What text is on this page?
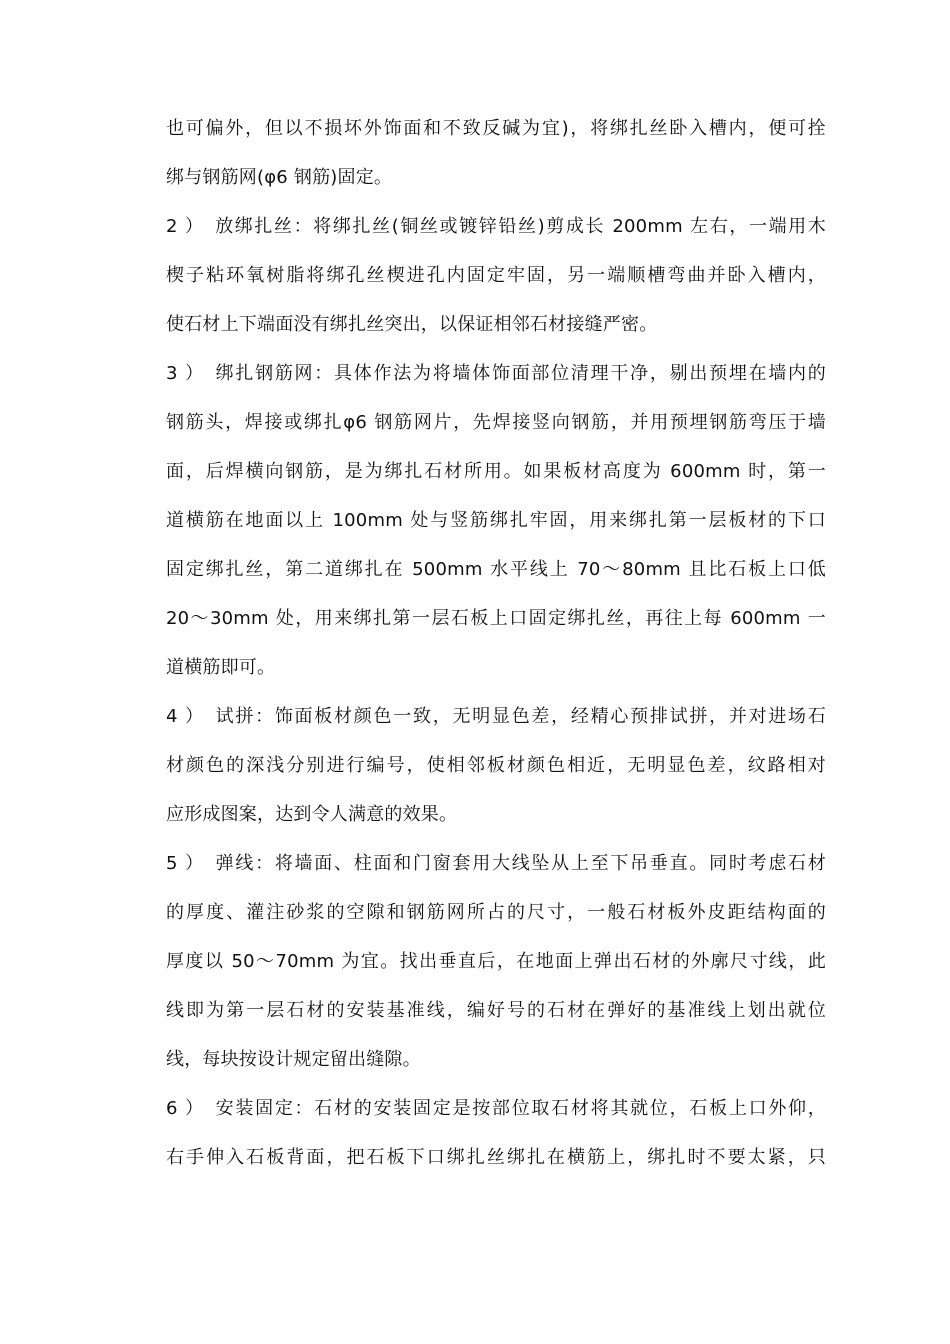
也可偏外，但以不损坏外饰面和不致反碱为宜)，将绑扎丝卧入槽内，便可拴
绑与钢筋网(φ6 钢筋)固定。
2 ）　放绑扎丝：将绑扎丝(铜丝或镀锌铅丝)剪成长 200mm 左右，一端用木
楔子粘环氧树脂将绑孔丝楔进孔内固定牢固，另一端顺槽弯曲并卧入槽内，
使石材上下端面没有绑扎丝突出，以保证相邻石材接缝严密。
3 ）　绑扎钢筋网：具体作法为将墙体饰面部位清理干净，剔出预埋在墙内的
钢筋头，焊接或绑扎φ6 钢筋网片，先焊接竖向钢筋，并用预埋钢筋弯压于墙
面，后焊横向钢筋，是为绑扎石材所用。如果板材高度为 600mm 时，第一
道横筋在地面以上 100mm 处与竖筋绑扎牢固，用来绑扎第一层板材的下口
固定绑扎丝，第二道绑扎在 500mm 水平线上 70～80mm 且比石板上口低
20～30mm 处，用来绑扎第一层石板上口固定绑扎丝，再往上每 600mm 一
道横筋即可。
4 ）　试拼：饰面板材颜色一致，无明显色差，经精心预排试拼，并对进场石
材颜色的深浅分别进行编号，使相邻板材颜色相近，无明显色差，纹路相对
应形成图案，达到令人满意的效果。
5 ）　弹线：将墙面、柱面和门窗套用大线坠从上至下吊垂直。同时考虑石材
的厚度、灌注砂浆的空隙和钢筋网所占的尺寸，一般石材板外皮距结构面的
厚度以 50～70mm 为宜。找出垂直后，在地面上弹出石材的外廓尺寸线，此
线即为第一层石材的安装基准线，编好号的石材在弹好的基准线上划出就位
线，每块按设计规定留出缝隙。
6 ）　安装固定：石材的安装固定是按部位取石材将其就位，石板上口外仰，
右手伸入石板背面，把石板下口绑扎丝绑扎在横筋上，绑扎时不要太紧，只
